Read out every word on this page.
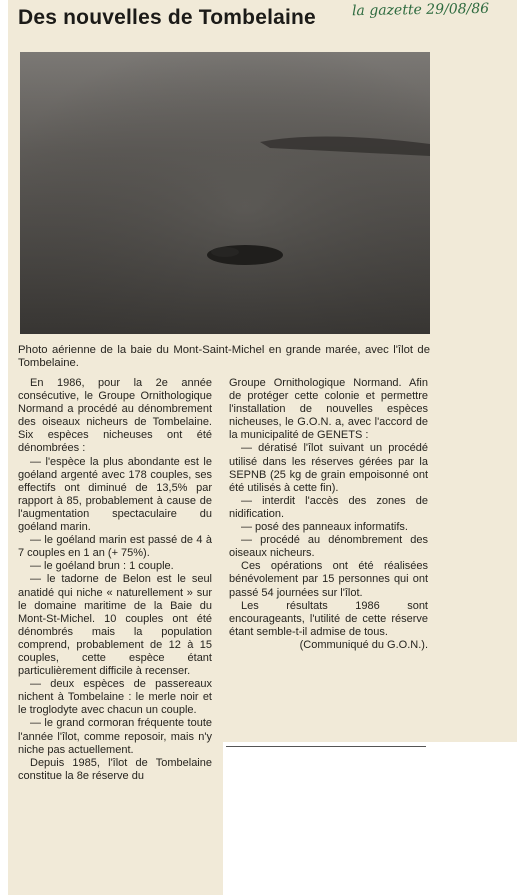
Des nouvelles de Tombelaine	la gazette 29/08/86
Photo aérienne de la baie du Mont-Saint-Michel en grande marée, avec l'îlot de Tombelaine.

En 1986, pour la 2e année consécutive, le Groupe Ornithologique Normand a procédé au dénombrement des oiseaux nicheurs de Tombelaine. Six espèces nicheuses ont été dénombrées :

— l'espèce la plus abondante est le goéland argenté avec 178 couples, ses effectifs ont diminué de 13,5% par rapport à 85, probablement à cause de l'augmentation spectaculaire du goéland marin.

— le goéland marin est passé de 4 à 7 couples en 1 an (+ 75%).

— le goéland brun : 1 couple.

— le tadorne de Belon est le seul anatidé qui niche « naturellement » sur le domaine maritime de la Baie du Mont-St-Michel. 10 couples ont été dénombrés mais la population comprend, probablement de 12 à 15 couples, cette espèce étant particulièrement difficile à recenser.

— deux espèces de passereaux nichent à Tombelaine : le merle noir et le troglodyte avec chacun un couple.

— le grand cormoran fréquente toute l'année l'îlot, comme reposoir, mais n'y niche pas actuellement.

Depuis 1985, l'îlot de Tombelaine constitue la 8e réserve du

Groupe Ornithologique Normand. Afin de protéger cette colonie et permettre l'installation de nouvelles espèces nicheuses, le G.O.N. a, avec l'accord de la municipalité de GENETS :

— dératisé l'îlot suivant un procédé utilisé dans les réserves gérées par la SEPNB (25 kg de grain empoisonné ont été utilisés à cette fin).

— interdit l'accès des zones de nidification.

— posé des panneaux informatifs.

— procédé au dénombrement des oiseaux nicheurs.

Ces opérations ont été réalisées bénévolement par 15 personnes qui ont passé 54 journées sur l'îlot.

Les résultats 1986 sont encourageants, l'utilité de cette réserve étant semble-t-il admise de tous.

(Communiqué du G.O.N.).
